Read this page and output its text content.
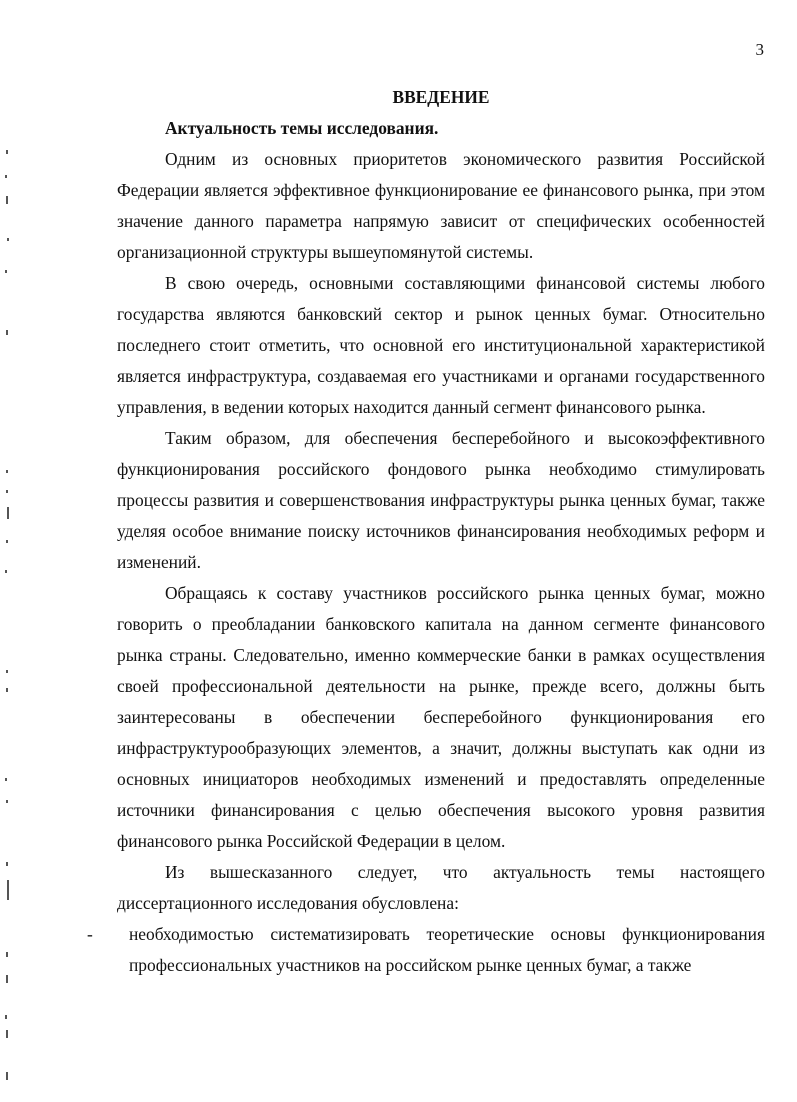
3

ВВЕДЕНИЕ

Актуальность темы исследования.

Одним из основных приоритетов экономического развития Российской Федерации является эффективное функционирование ее финансового рынка, при этом значение данного параметра напрямую зависит от специфических особенностей организационной структуры вышеупомянутой системы.

В свою очередь, основными составляющими финансовой системы любого государства являются банковский сектор и рынок ценных бумаг. Относительно последнего стоит отметить, что основной его институциональной характеристикой является инфраструктура, создаваемая его участниками и органами государственного управления, в ведении которых находится данный сегмент финансового рынка.

Таким образом, для обеспечения бесперебойного и высокоэффективного функционирования российского фондового рынка необходимо стимулировать процессы развития и совершенствования инфраструктуры рынка ценных бумаг, также уделяя особое внимание поиску источников финансирования необходимых реформ и изменений.

Обращаясь к составу участников российского рынка ценных бумаг, можно говорить о преобладании банковского капитала на данном сегменте финансового рынка страны. Следовательно, именно коммерческие банки в рамках осуществления своей профессиональной деятельности на рынке, прежде всего, должны быть заинтересованы в обеспечении бесперебойного функционирования его инфраструктурообразующих элементов, а значит, должны выступать как одни из основных инициаторов необходимых изменений и предоставлять определенные источники финансирования с целью обеспечения высокого уровня развития финансового рынка Российской Федерации в целом.

Из вышесказанного следует, что актуальность темы настоящего диссертационного исследования обусловлена:

- необходимостью систематизировать теоретические основы функционирования профессиональных участников на российском рынке ценных бумаг, а также
